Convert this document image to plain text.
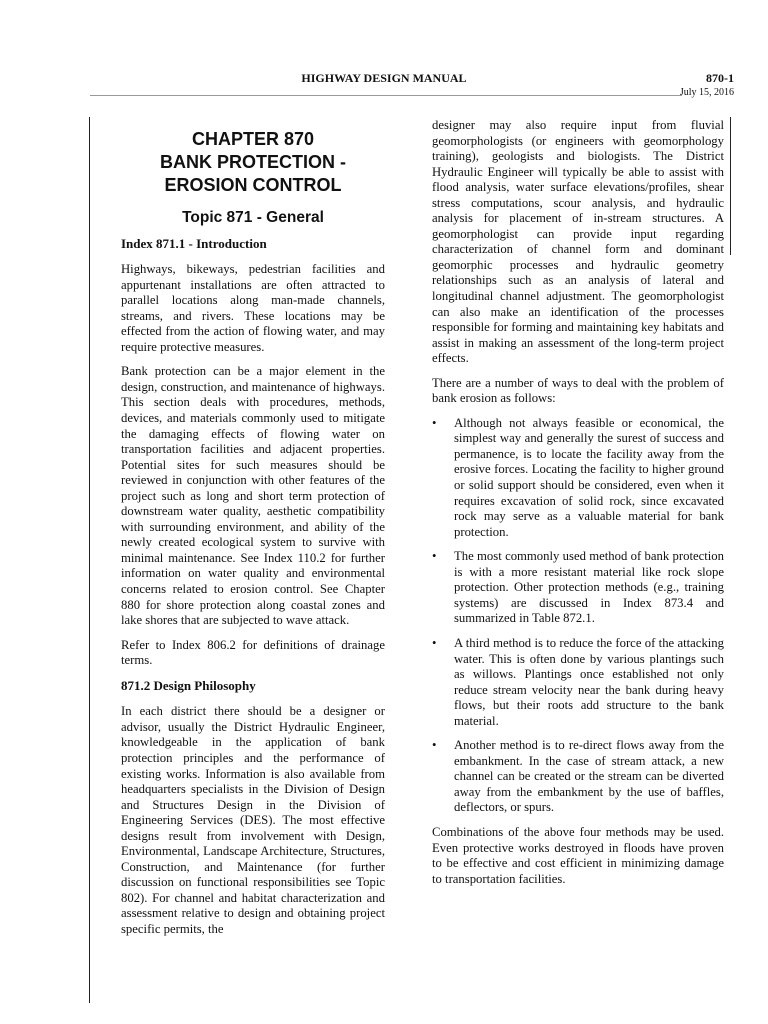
HIGHWAY DESIGN MANUAL	870-1
July 15, 2016
CHAPTER 870
BANK PROTECTION - EROSION CONTROL
Topic 871 - General
Index 871.1 - Introduction

Highways, bikeways, pedestrian facilities and appurtenant installations are often attracted to parallel locations along man-made channels, streams, and rivers. These locations may be effected from the action of flowing water, and may require protective measures.

Bank protection can be a major element in the design, construction, and maintenance of highways. This section deals with procedures, methods, devices, and materials commonly used to mitigate the damaging effects of flowing water on transportation facilities and adjacent properties. Potential sites for such measures should be reviewed in conjunction with other features of the project such as long and short term protection of downstream water quality, aesthetic compatibility with surrounding environment, and ability of the newly created ecological system to survive with minimal maintenance. See Index 110.2 for further information on water quality and environmental concerns related to erosion control. See Chapter 880 for shore protection along coastal zones and lake shores that are subjected to wave attack.

Refer to Index 806.2 for definitions of drainage terms.

871.2 Design Philosophy

In each district there should be a designer or advisor, usually the District Hydraulic Engineer, knowledgeable in the application of bank protection principles and the performance of existing works. Information is also available from headquarters specialists in the Division of Design and Structures Design in the Division of Engineering Services (DES). The most effective designs result from involvement with Design, Environmental, Landscape Architecture, Structures, Construction, and Maintenance (for further discussion on functional responsibilities see Topic 802). For channel and habitat characterization and assessment relative to design and obtaining project specific permits, the

designer may also require input from fluvial geomorphologists (or engineers with geomorphology training), geologists and biologists. The District Hydraulic Engineer will typically be able to assist with flood analysis, water surface elevations/profiles, shear stress computations, scour analysis, and hydraulic analysis for placement of in-stream structures. A geomorphologist can provide input regarding characterization of channel form and dominant geomorphic processes and hydraulic geometry relationships such as an analysis of lateral and longitudinal channel adjustment. The geomorphologist can also make an identification of the processes responsible for forming and maintaining key habitats and assist in making an assessment of the long-term project effects.

There are a number of ways to deal with the problem of bank erosion as follows:

• Although not always feasible or economical, the simplest way and generally the surest of success and permanence, is to locate the facility away from the erosive forces. Locating the facility to higher ground or solid support should be considered, even when it requires excavation of solid rock, since excavated rock may serve as a valuable material for bank protection.
• The most commonly used method of bank protection is with a more resistant material like rock slope protection. Other protection methods (e.g., training systems) are discussed in Index 873.4 and summarized in Table 872.1.
• A third method is to reduce the force of the attacking water. This is often done by various plantings such as willows. Plantings once established not only reduce stream velocity near the bank during heavy flows, but their roots add structure to the bank material.
• Another method is to re-direct flows away from the embankment. In the case of stream attack, a new channel can be created or the stream can be diverted away from the embankment by the use of baffles, deflectors, or spurs.

Combinations of the above four methods may be used. Even protective works destroyed in floods have proven to be effective and cost efficient in minimizing damage to transportation facilities.
